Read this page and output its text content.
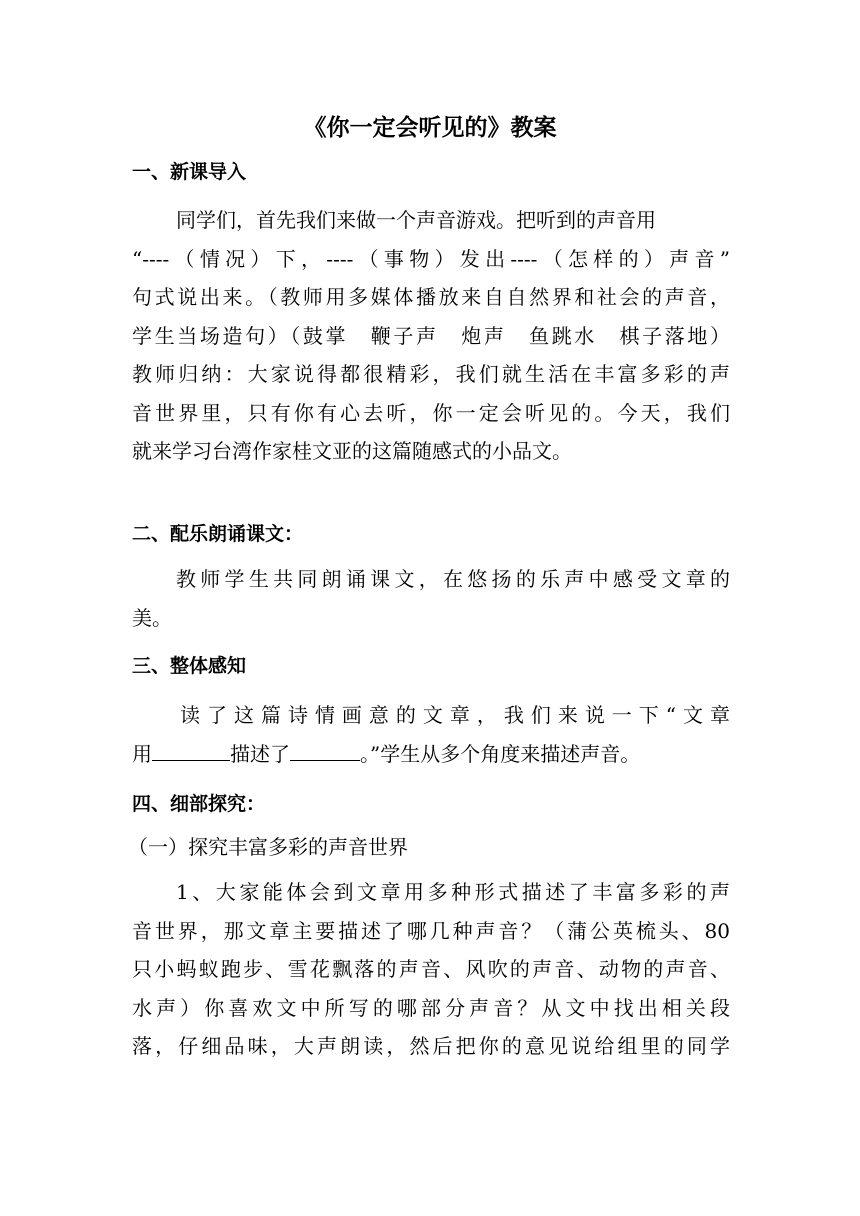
《你一定会听见的》教案
一、新课导入
同学们，首先我们来做一个声音游戏。把听到的声音用
“----（情况）下，----（事物）发出----（怎样的）声音”
句式说出来。（教师用多媒体播放来自自然界和社会的声音，
学生当场造句）（鼓掌　鞭子声　炮声　鱼跳水　棋子落地）
教师归纳：大家说得都很精彩，我们就生活在丰富多彩的声
音世界里，只有你有心去听，你一定会听见的。今天，我们
就来学习台湾作家桂文亚的这篇随感式的小品文。
二、配乐朗诵课文：
教师学生共同朗诵课文，在悠扬的乐声中感受文章的
美。
三、整体感知
读了这篇诗情画意的文章，我们来说一下“文章
用	描述了	。”学生从多个角度来描述声音。
四、细部探究：
（一）探究丰富多彩的声音世界
1、大家能体会到文章用多种形式描述了丰富多彩的声
音世界，那文章主要描述了哪几种声音？（蒲公英梳头、80
只小蚂蚁跑步、雪花飘落的声音、风吹的声音、动物的声音、
水声）你喜欢文中所写的哪部分声音？从文中找出相关段
落，仔细品味，大声朗读，然后把你的意见说给组里的同学
